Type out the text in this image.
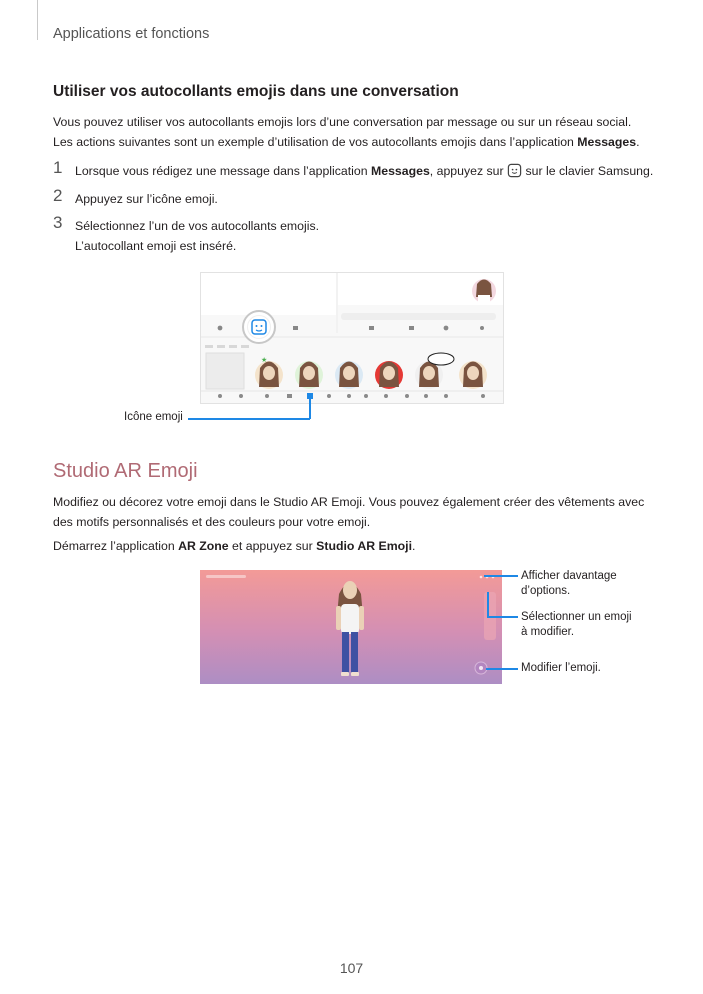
Applications et fonctions
Utiliser vos autocollants emojis dans une conversation
Vous pouvez utiliser vos autocollants emojis lors d’une conversation par message ou sur un réseau social. Les actions suivantes sont un exemple d’utilisation de vos autocollants emojis dans l’application Messages.
1 Lorsque vous rédigez une message dans l’application Messages, appuyez sur  sur le clavier Samsung.
2 Appuyez sur l’icône emoji.
3 Sélectionnez l’un de vos autocollants emojis.
L’autocollant emoji est inséré.
★
Icône emoji
Studio AR Emoji
Modifiez ou décorez votre emoji dans le Studio AR Emoji. Vous pouvez également créer des vêtements avec des motifs personnalisés et des couleurs pour votre emoji.
Démarrez l’application AR Zone et appuyez sur Studio AR Emoji.
Afficher davantage
d’options.
Sélectionner un emoji
à modifier.
Modifier l’emoji.
107
